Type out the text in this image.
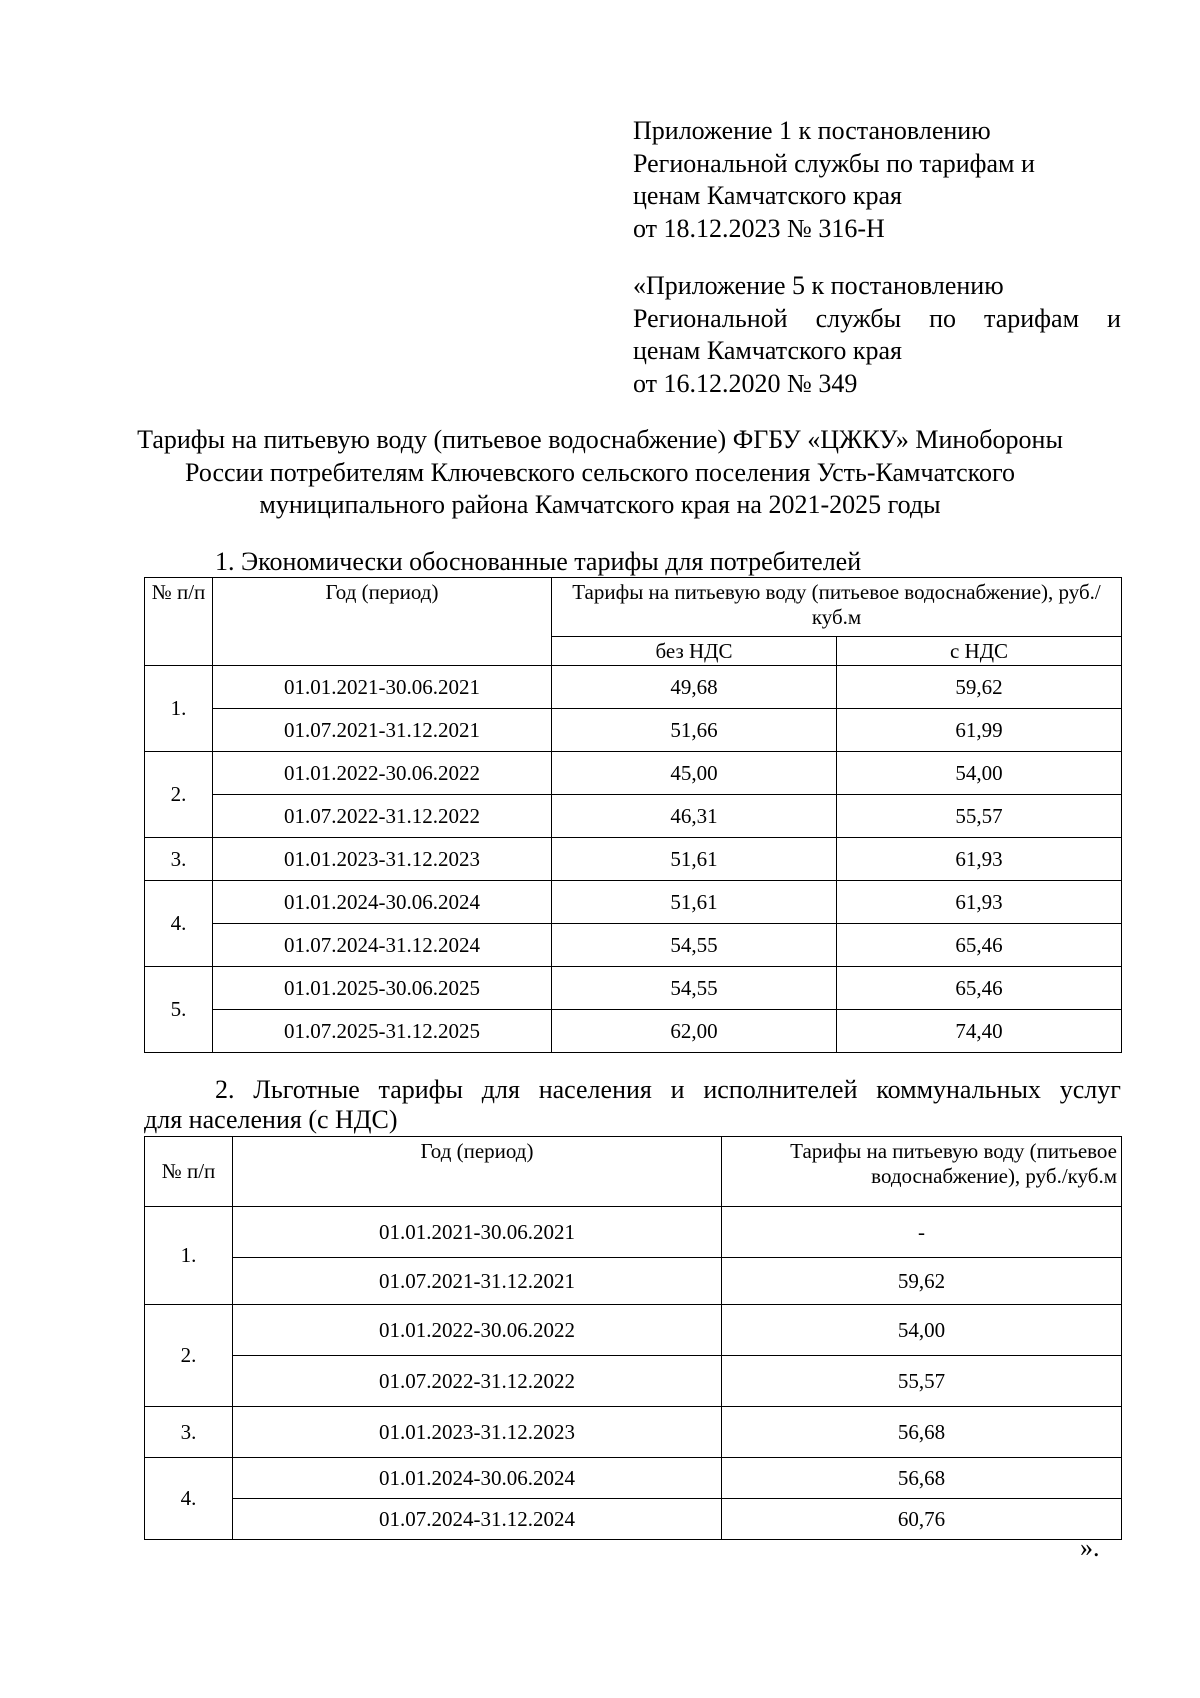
Приложение 1 к постановлению
Региональной службы по тарифам и
ценам Камчатского края
от 18.12.2023 № 316-Н
«Приложение 5 к постановлению
Региональной службы по тарифам и
ценам Камчатского края
от 16.12.2020 № 349
Тарифы на питьевую воду (питьевое водоснабжение) ФГБУ «ЦЖКУ» Минобороны
России потребителям Ключевского сельского поселения Усть-Камчатского
муниципального района Камчатского края на 2021-2025 годы
1. Экономически обоснованные тарифы для потребителей
№ п/п	Год (период)	Тарифы на питьевую воду (питьевое водоснабжение), руб./куб.м	
		без НДС	с НДС
1.	01.01.2021-30.06.2021	49,68	59,62
	01.07.2021-31.12.2021	51,66	61,99
2.	01.01.2022-30.06.2022	45,00	54,00
	01.07.2022-31.12.2022	46,31	55,57
3.	01.01.2023-31.12.2023	51,61	61,93
4.	01.01.2024-30.06.2024	51,61	61,93
	01.07.2024-31.12.2024	54,55	65,46
5.	01.01.2025-30.06.2025	54,55	65,46
	01.07.2025-31.12.2025	62,00	74,40
2. Льготные тарифы для населения и исполнителей коммунальных услуг
для населения (с НДС)
№ п/п	Год (период)	Тарифы на питьевую воду (питьевое водоснабжение), руб./куб.м
1.	01.01.2021-30.06.2021	-
	01.07.2021-31.12.2021	59,62
2.	01.01.2022-30.06.2022	54,00
	01.07.2022-31.12.2022	55,57
3.	01.01.2023-31.12.2023	56,68
4.	01.01.2024-30.06.2024	56,68
	01.07.2024-31.12.2024	60,76
».
